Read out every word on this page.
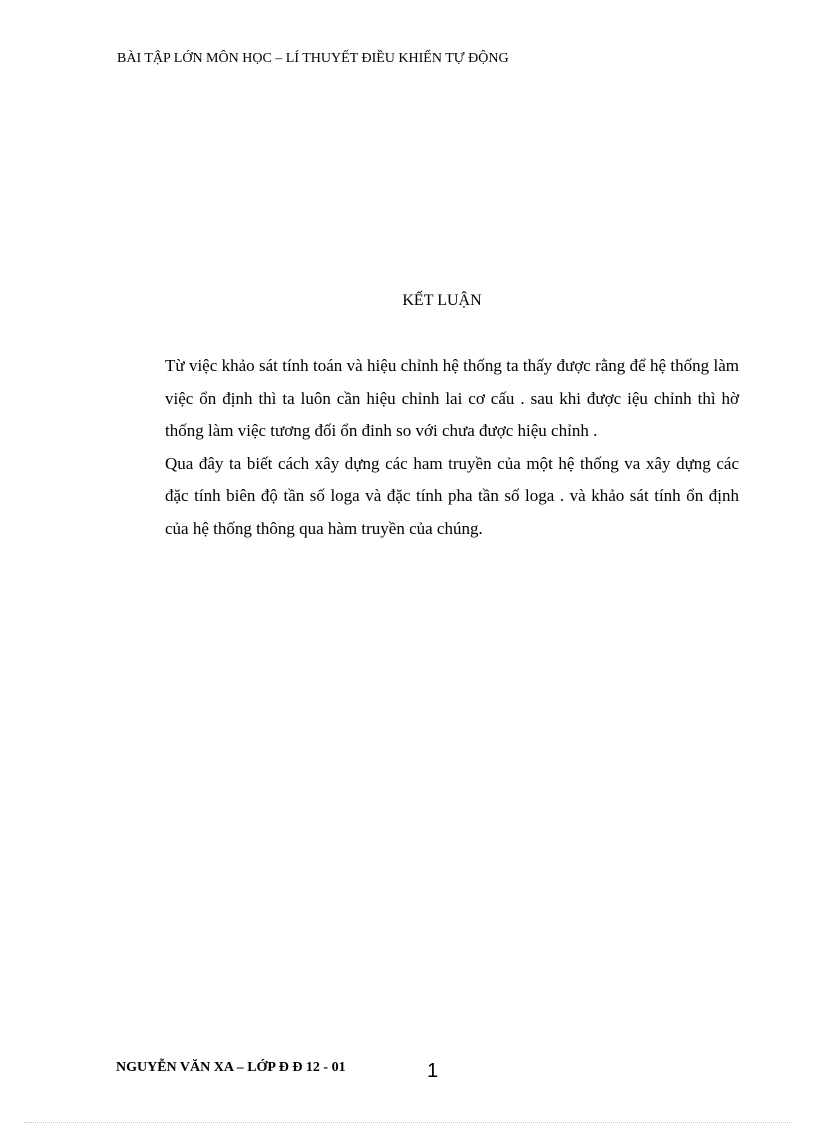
BÀI TẬP LỚN MÔN HỌC – LÍ THUYẾT ĐIỀU KHIỂN TỰ ĐỘNG
KẾT LUẬN

Từ việc khảo sát tính toán và hiệu chỉnh hệ thống ta thấy được rằng để hệ thống làm việc ổn định thì ta luôn cần hiệu chỉnh lai cơ cấu . sau khi được iệu chỉnh thì hờ thống làm việc tương đối ổn đinh so với chưa được hiệu chỉnh .

Qua đây ta biết cách xây dựng các ham truyền của một hệ thống va xây dựng các đặc tính biên độ tần số loga và đặc tính pha tần số loga . và khảo sát tính ổn định của hệ thống thông qua hàm truyền của chúng.

NGUYỄN VĂN XA – LỚP Đ Đ 12 - 01	1
